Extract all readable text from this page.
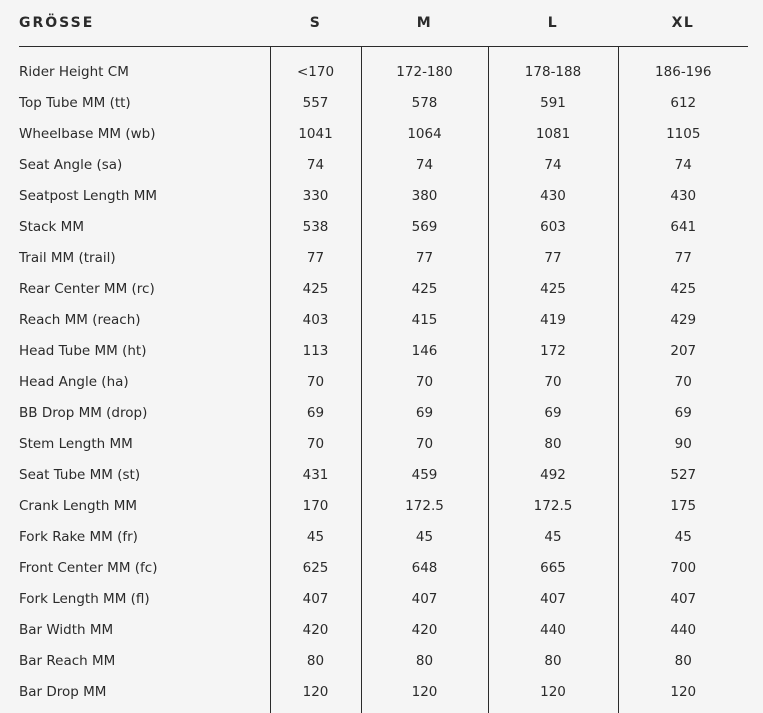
GRÖSSE	S	M	L	XL
Rider Height CM	<170	172-180	178-188	186-196
Top Tube MM (tt)	557	578	591	612
Wheelbase MM (wb)	1041	1064	1081	1105
Seat Angle (sa)	74	74	74	74
Seatpost Length MM	330	380	430	430
Stack MM	538	569	603	641
Trail MM (trail)	77	77	77	77
Rear Center MM (rc)	425	425	425	425
Reach MM (reach)	403	415	419	429
Head Tube MM (ht)	113	146	172	207
Head Angle (ha)	70	70	70	70
BB Drop MM (drop)	69	69	69	69
Stem Length MM	70	70	80	90
Seat Tube MM (st)	431	459	492	527
Crank Length MM	170	172.5	172.5	175
Fork Rake MM (fr)	45	45	45	45
Front Center MM (fc)	625	648	665	700
Fork Length MM (fl)	407	407	407	407
Bar Width MM	420	420	440	440
Bar Reach MM	80	80	80	80
Bar Drop MM	120	120	120	120
